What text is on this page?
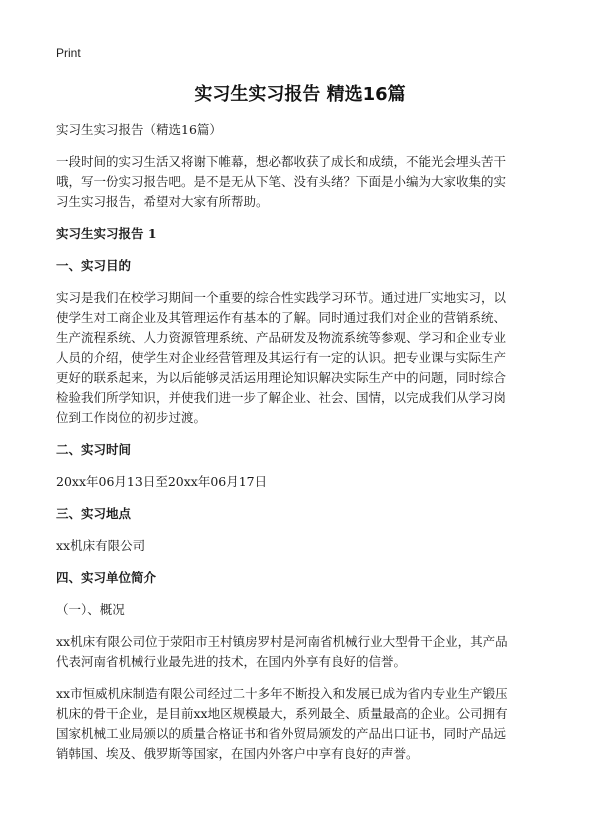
Print
实习生实习报告 精选16篇

实习生实习报告（精选16篇）

一段时间的实习生活又将谢下帷幕，想必都收获了成长和成绩，不能光会埋头苦干
哦，写一份实习报告吧。是不是无从下笔、没有头绪？下面是小编为大家收集的实
习生实习报告，希望对大家有所帮助。

实习生实习报告 1

一、实习目的

实习是我们在校学习期间一个重要的综合性实践学习环节。通过进厂实地实习，以
使学生对工商企业及其管理运作有基本的了解。同时通过我们对企业的营销系统、
生产流程系统、人力资源管理系统、产品研发及物流系统等参观、学习和企业专业
人员的介绍，使学生对企业经营管理及其运行有一定的认识。把专业课与实际生产
更好的联系起来，为以后能够灵活运用理论知识解决实际生产中的问题，同时综合
检验我们所学知识，并使我们进一步了解企业、社会、国情，以完成我们从学习岗
位到工作岗位的初步过渡。

二、实习时间

20xx年06月13日至20xx年06月17日

三、实习地点

xx机床有限公司

四、实习单位简介

（一）、概况

xx机床有限公司位于荥阳市王村镇房罗村是河南省机械行业大型骨干企业，其产品
代表河南省机械行业最先进的技术，在国内外享有良好的信誉。

xx市恒威机床制造有限公司经过二十多年不断投入和发展已成为省内专业生产锻压
机床的骨干企业，是目前xx地区规模最大，系列最全、质量最高的企业。公司拥有
国家机械工业局颁以的质量合格证书和省外贸局颁发的产品出口证书，同时产品远
销韩国、埃及、俄罗斯等国家，在国内外客户中享有良好的声誉。
